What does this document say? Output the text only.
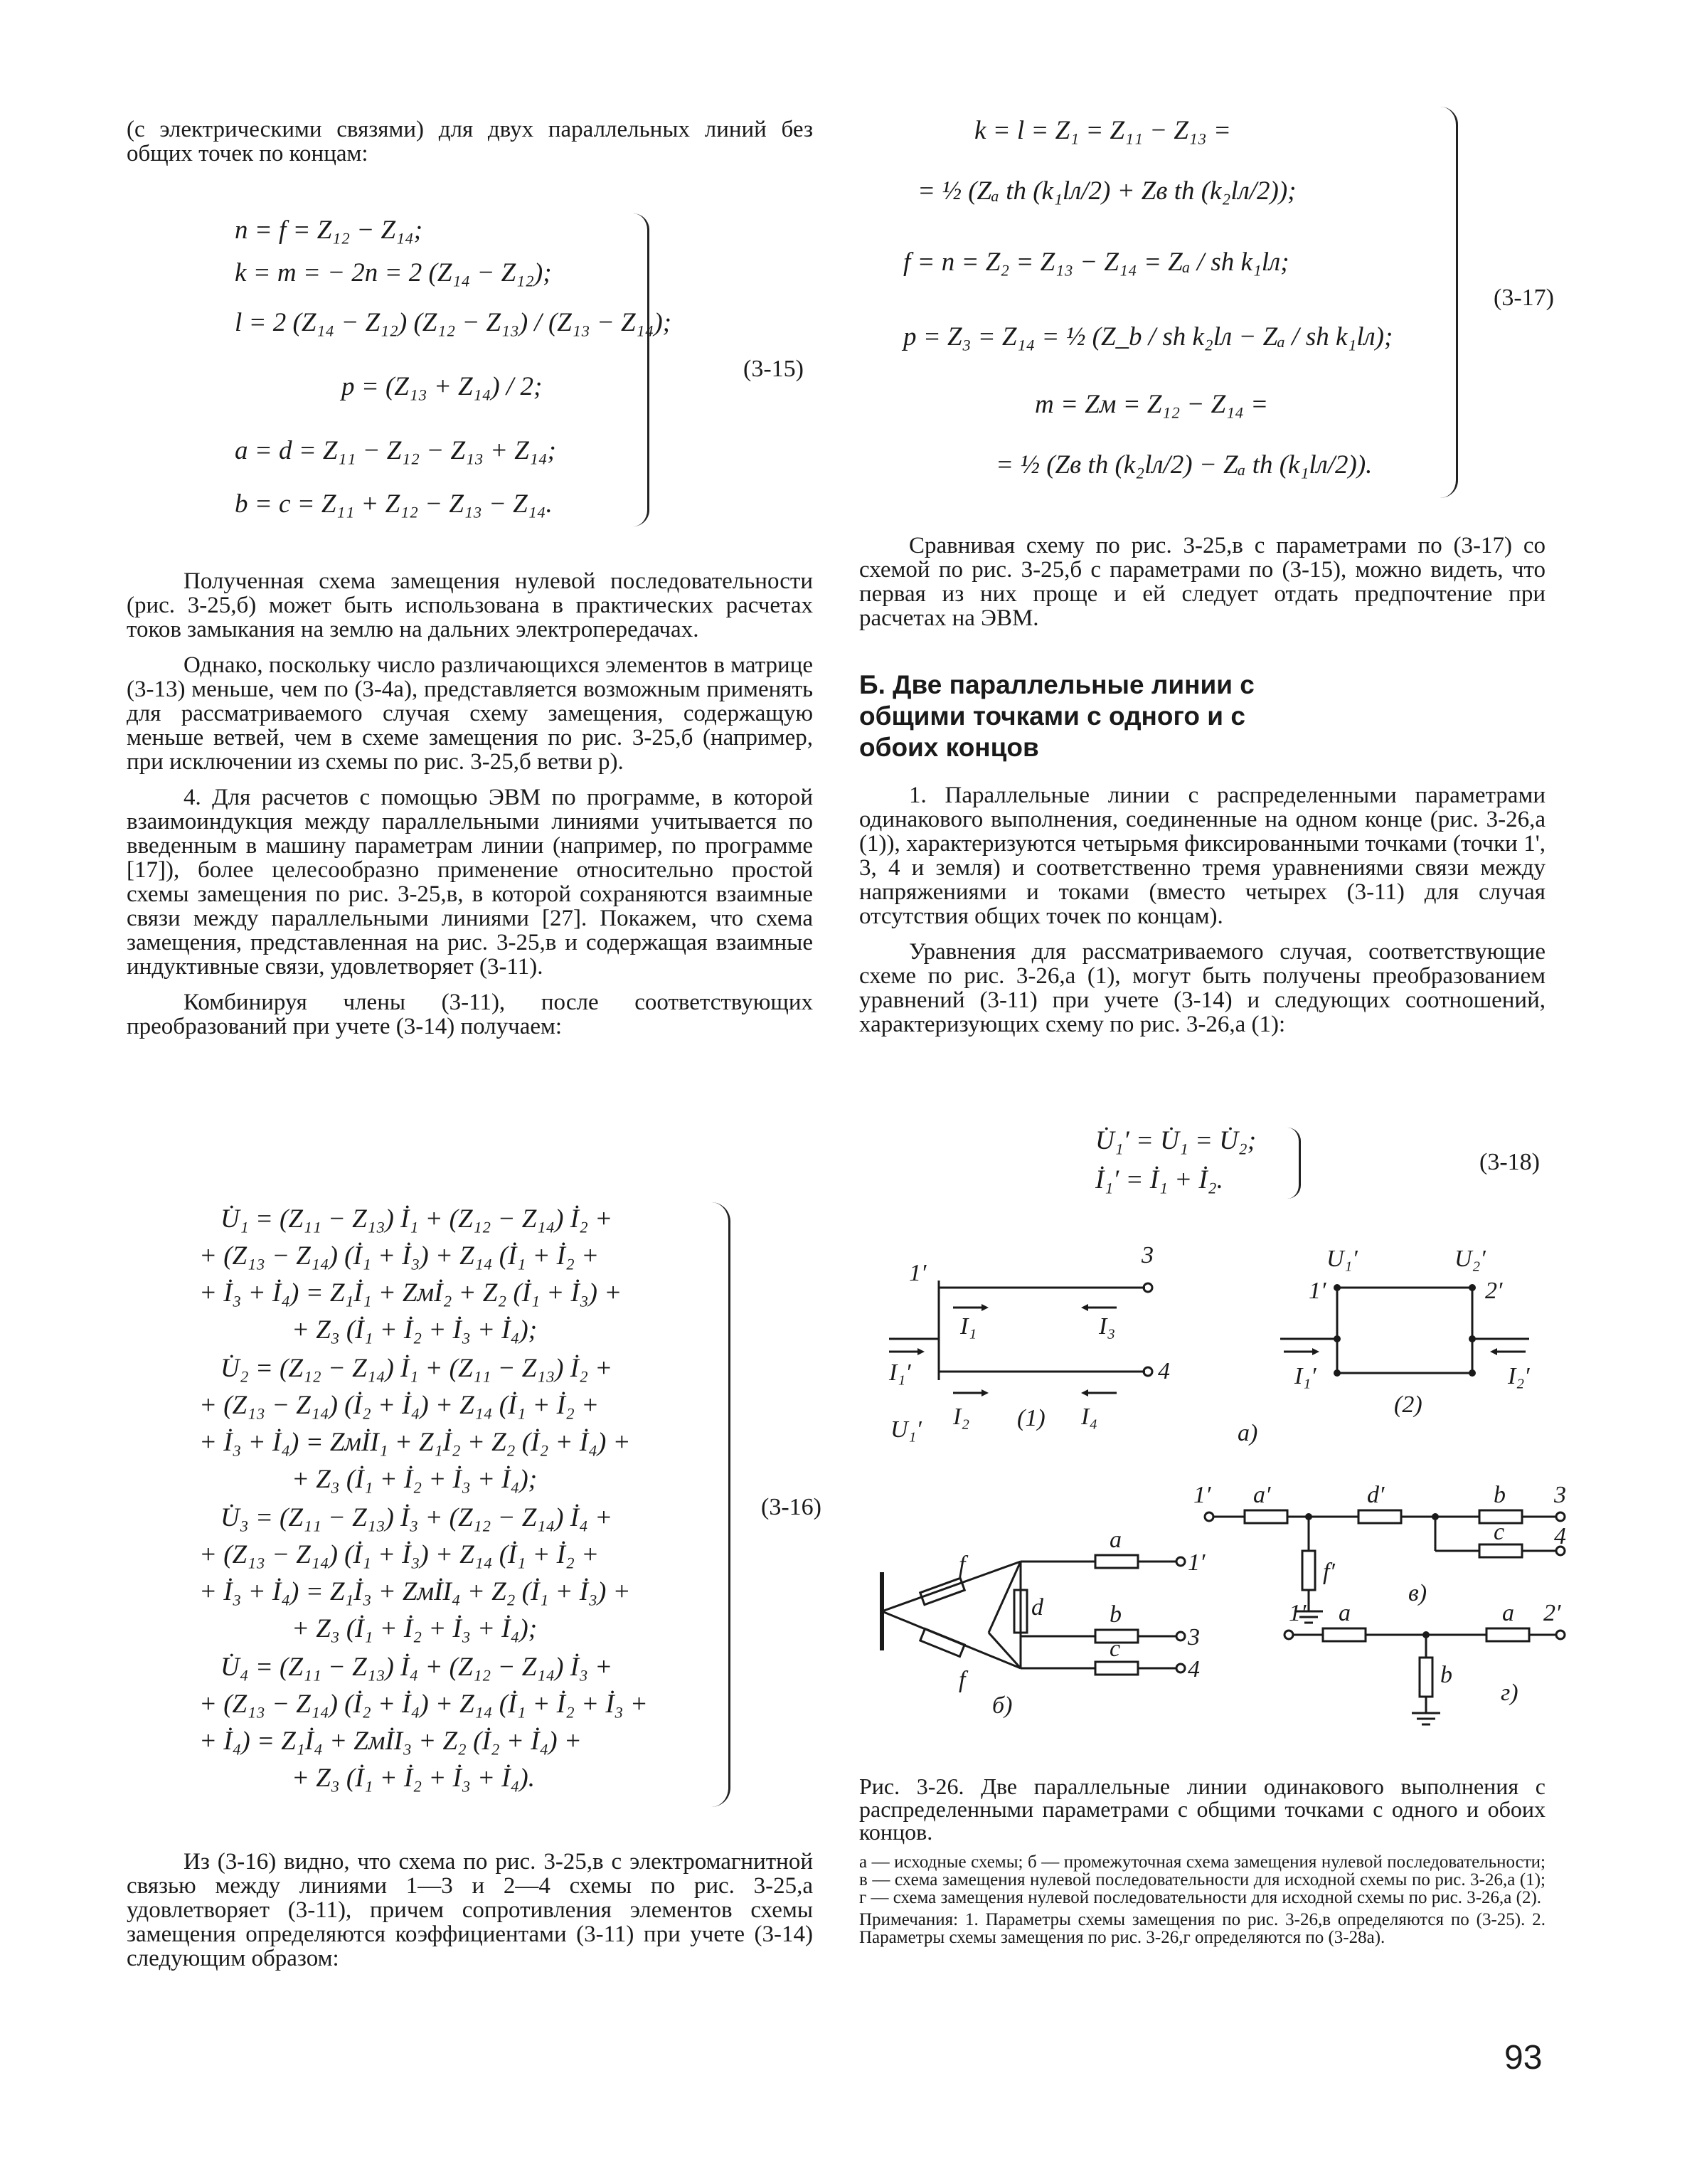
(с электрическими связями) для двух параллельных линий без общих точек по концам:

n = f = Z₁₂ − Z₁₄;
k = m = − 2n = 2 (Z₁₄ − Z₁₂);
l = 2 (Z₁₄ − Z₁₂) (Z₁₂ − Z₁₃) / (Z₁₃ − Z₁₄);
p = (Z₁₃ + Z₁₄) / 2;
a = d = Z₁₁ − Z₁₂ − Z₁₃ + Z₁₄;
b = c = Z₁₁ + Z₁₂ − Z₁₃ − Z₁₄.
(3-15)

Полученная схема замещения нулевой последовательности (рис. 3-25,б) может быть использована в практических расчетах токов замыкания на землю на дальних электропередачах.

Однако, поскольку число различающихся элементов в матрице (3-13) меньше, чем по (3-4а), представляется возможным применять для рассматриваемого случая схему замещения, содержащую меньше ветвей, чем в схеме замещения по рис. 3-25,б (например, при исключении из схемы по рис. 3-25,б ветви p).

4. Для расчетов с помощью ЭВМ по программе, в которой взаимоиндукция между параллельными линиями учитывается по введенным в машину параметрам линии (например, по программе [17]), более целесообразно применение относительно простой схемы замещения по рис. 3-25,в, в которой сохраняются взаимные связи между параллельными линиями [27]. Покажем, что схема замещения, представленная на рис. 3-25,в и содержащая взаимные индуктивные связи, удовлетворяет (3-11).

Комбинируя члены (3-11), после соответствующих преобразований при учете (3-14) получаем:

U̇₁ = (Z₁₁ − Z₁₃) İ₁ + (Z₁₂ − Z₁₄) İ₂ +
+ (Z₁₃ − Z₁₄) (İ₁ + İ₃) + Z₁₄ (İ₁ + İ₂ +
+ İ₃ + İ₄) = Z₁İ₁ + Zмİ₂ + Z₂ (İ₁ + İ₃) +
+ Z₃ (İ₁ + İ₂ + İ₃ + İ₄);
U̇₂ = (Z₁₂ − Z₁₄) İ₁ + (Z₁₁ − Z₁₃) İ₂ +
+ (Z₁₃ − Z₁₄) (İ₂ + İ₄) + Z₁₄ (İ₁ + İ₂ +
+ İ₃ + İ₄) = ZмİI₁ + Z₁İ₂ + Z₂ (İ₂ + İ₄) +
+ Z₃ (İ₁ + İ₂ + İ₃ + İ₄);
U̇₃ = (Z₁₁ − Z₁₃) İ₃ + (Z₁₂ − Z₁₄) İ₄ +
+ (Z₁₃ − Z₁₄) (İ₁ + İ₃) + Z₁₄ (İ₁ + İ₂ +
+ İ₃ + İ₄) = Z₁İ₃ + ZмİI₄ + Z₂ (İ₁ + İ₃) +
+ Z₃ (İ₁ + İ₂ + İ₃ + İ₄);
U̇₄ = (Z₁₁ − Z₁₃) İ₄ + (Z₁₂ − Z₁₄) İ₃ +
+ (Z₁₃ − Z₁₄) (İ₂ + İ₄) + Z₁₄ (İ₁ + İ₂ + İ₃ +
+ İ₄) = Z₁İ₄ + ZмİI₃ + Z₂ (İ₂ + İ₄) +
+ Z₃ (İ₁ + İ₂ + İ₃ + İ₄).
(3-16)

Из (3-16) видно, что схема по рис. 3-25,в с электромагнитной связью между линиями 1—3 и 2—4 схемы по рис. 3-25,а удовлетворяет (3-11), причем сопротивления элементов схемы замещения определяются коэффициентами (3-11) при учете (3-14) следующим образом:

k = l = Z₁ = Z₁₁ − Z₁₃ =
= ½ (Zₐ th (k₁lл/2) + Zв th (k₂lл/2));
f = n = Z₂ = Z₁₃ − Z₁₄ = Zₐ / sh k₁lл;
p = Z₃ = Z₁₄ = ½ (Z_b / sh k₂lл − Zₐ / sh k₁lл);
m = Zм = Z₁₂ − Z₁₄ =
= ½ (Zв th (k₂lл/2) − Zₐ th (k₁lл/2)).
(3-17)

Сравнивая схему по рис. 3-25,в с параметрами по (3-17) со схемой по рис. 3-25,б с параметрами по (3-15), можно видеть, что первая из них проще и ей следует отдать предпочтение при расчетах на ЭВМ.

Б. Две параллельные линии с общими точками с одного и с обоих концов

1. Параллельные линии с распределенными параметрами одинакового выполнения, соединенные на одном конце (рис. 3-26,а (1)), характеризуются четырьмя фиксированными точками (точки 1', 3, 4 и земля) и соответственно тремя уравнениями связи между напряжениями и токами (вместо четырех (3-11) для случая отсутствия общих точек по концам).

Уравнения для рассматриваемого случая, соответствующие схеме по рис. 3-26,а (1), могут быть получены преобразованием уравнений (3-11) при учете (3-14) и следующих соотношений, характеризующих схему по рис. 3-26,а (1):

U̇₁′ = U̇₁ = U̇₂;
İ₁′ = İ₁ + İ₂.
(3-18)
1′
3
4
I₁	I₃
I₁′
U₁′ I₂ (1) I₄
U₁′	U₂′
1′	2′
I₁′	I₂′
(2)
а)
f
f
d
a
b
c
1′
3
4
б)
1′ a′	d′
f′
b
c
3
4
в)
1′ a	a 2′
b
г)
Рис. 3-26. Две параллельные линии одинакового выполнения с распределенными параметрами с общими точками с одного и обоих концов.
а — исходные схемы; б — промежуточная схема замещения нулевой последовательности; в — схема замещения нулевой последовательности для исходной схемы по рис. 3-26,а (1); г — схема замещения нулевой последовательности для исходной схемы по рис. 3-26,а (2).
Примечания: 1. Параметры схемы замещения по рис. 3-26,в определяются по (3-25). 2. Параметры схемы замещения по рис. 3-26,г определяются по (3-28а).
93
